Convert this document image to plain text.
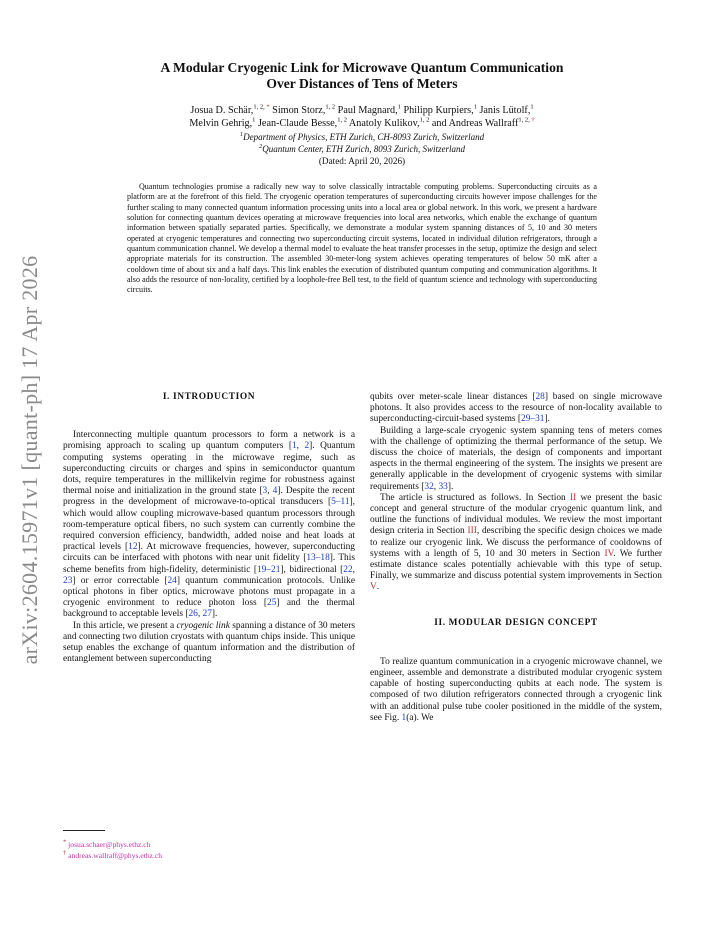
arXiv:2604.15971v1 [quant-ph] 17 Apr 2026
A Modular Cryogenic Link for Microwave Quantum Communication
Over Distances of Tens of Meters
Josua D. Schär,$^{1, 2,}$ * Simon Storz,$^{1, 2}$ Paul Magnard,$^1$ Philipp Kurpiers,$^1$ Janis Lütolf,$^1$
Melvin Gehrig,$^1$ Jean-Claude Besse,$^{1, 2}$ Anatoly Kulikov,$^{1, 2}$ and Andreas Wallraff$^{1, 2,}$ †
$^1$Department of Physics, ETH Zurich, CH-8093 Zurich, Switzerland
$^2$Quantum Center, ETH Zurich, 8093 Zurich, Switzerland
(Dated: April 20, 2026)
Quantum technologies promise a radically new way to solve classically intractable computing problems. Superconducting circuits as a platform are at the forefront of this field. The cryogenic operation temperatures of superconducting circuits however impose challenges for the further scaling to many connected quantum information processing units into a local area or global network. In this work, we present a hardware solution for connecting quantum devices operating at microwave frequencies into local area networks, which enable the exchange of quantum information between spatially separated parties. Specifically, we demonstrate a modular system spanning distances of 5, 10 and 30 meters operated at cryogenic temperatures and connecting two superconducting circuit systems, located in individual dilution refrigerators, through a quantum communication channel. We develop a thermal model to evaluate the heat transfer processes in the setup, optimize the design and select appropriate materials for its construction. The assembled 30-meter-long system achieves operating temperatures of below 50 mK after a cooldown time of about six and a half days. This link enables the execution of distributed quantum computing and communication algorithms. It also adds the resource of non-locality, certified by a loophole-free Bell test, to the field of quantum science and technology with superconducting circuits.

I. INTRODUCTION

Interconnecting multiple quantum processors to form a network is a promising approach to scaling up quantum computers [1, 2]. Quantum computing systems operating in the microwave regime, such as superconducting circuits or charges and spins in semiconductor quantum dots, require temperatures in the millikelvin regime for robustness against thermal noise and initialization in the ground state [3, 4]. Despite the recent progress in the development of microwave-to-optical transducers [5–11], which would allow coupling microwave-based quantum processors through room-temperature optical fibers, no such system can currently combine the required conversion efficiency, bandwidth, added noise and heat loads at practical levels [12]. At microwave frequencies, however, superconducting circuits can be interfaced with photons with near unit fidelity [13–18]. This scheme benefits from high-fidelity, deterministic [19–21], bidirectional [22, 23] or error correctable [24] quantum communication protocols. Unlike optical photons in fiber optics, microwave photons must propagate in a cryogenic environment to reduce photon loss [25] and the thermal background to acceptable levels [26, 27].

In this article, we present a cryogenic link spanning a distance of 30 meters and connecting two dilution cryostats with quantum chips inside. This unique setup enables the exchange of quantum information and the distribution of entanglement between superconducting

qubits over meter-scale linear distances [28] based on single microwave photons. It also provides access to the resource of non-locality available to superconducting-circuit-based systems [29–31].

Building a large-scale cryogenic system spanning tens of meters comes with the challenge of optimizing the thermal performance of the setup. We discuss the choice of materials, the design of components and important aspects in the thermal engineering of the system. The insights we present are generally applicable in the development of cryogenic systems with similar requirements [32, 33].

The article is structured as follows. In Section II we present the basic concept and general structure of the modular cryogenic quantum link, and outline the functions of individual modules. We review the most important design criteria in Section III, describing the specific design choices we made to realize our cryogenic link. We discuss the performance of cooldowns of systems with a length of 5, 10 and 30 meters in Section IV. We further estimate distance scales potentially achievable with this type of setup. Finally, we summarize and discuss potential system improvements in Section V.

II. MODULAR DESIGN CONCEPT

To realize quantum communication in a cryogenic microwave channel, we engineer, assemble and demonstrate a distributed modular cryogenic system capable of hosting superconducting qubits at each node. The system is composed of two dilution refrigerators connected through a cryogenic link with an additional pulse tube cooler positioned in the middle of the system, see Fig. 1(a). We

* josua.schaer@phys.ethz.ch
† andreas.wallraff@phys.ethz.ch
